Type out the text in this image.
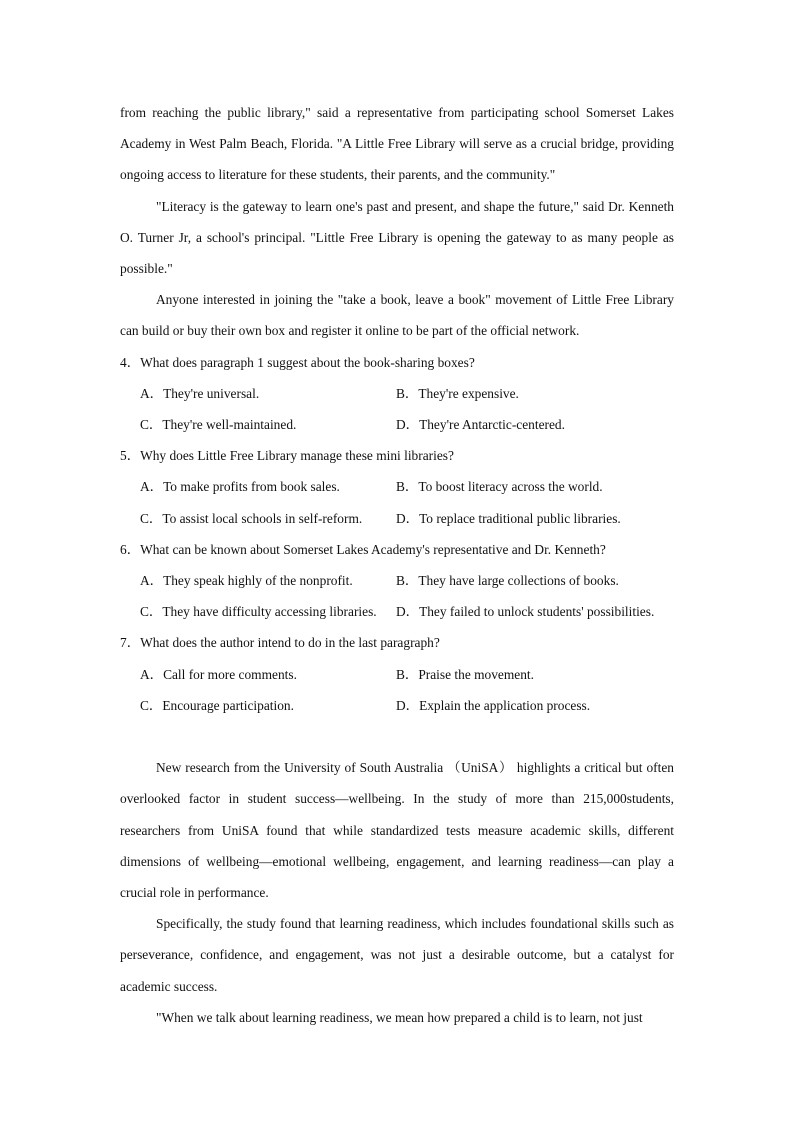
from reaching the public library," said a representative from participating school Somerset Lakes Academy in West Palm Beach, Florida. "A Little Free Library will serve as a crucial bridge, providing ongoing access to literature for these students, their parents, and the community."

"Literacy is the gateway to learn one's past and present, and shape the future," said Dr. Kenneth O. Turner Jr, a school's principal. "Little Free Library is opening the gateway to as many people as possible."

Anyone interested in joining the "take a book, leave a book" movement of Little Free Library can build or buy their own box and register it online to be part of the official network.

4．What does paragraph 1 suggest about the book-sharing boxes?

A．They're universal.	B．They're expensive.
C．They're well-maintained.	D．They're Antarctic-centered.

5．Why does Little Free Library manage these mini libraries?

A．To make profits from book sales.	B．To boost literacy across the world.
C．To assist local schools in self-reform.	D．To replace traditional public libraries.

6．What can be known about Somerset Lakes Academy's representative and Dr. Kenneth?

A．They speak highly of the nonprofit.	B．They have large collections of books.
C．They have difficulty accessing libraries.	D．They failed to unlock students' possibilities.

7．What does the author intend to do in the last paragraph?

A．Call for more comments.	B．Praise the movement.
C．Encourage participation.	D．Explain the application process.

New research from the University of South Australia （UniSA） highlights a critical but often overlooked factor in student success—wellbeing. In the study of more than 215,000students, researchers from UniSA found that while standardized tests measure academic skills, different dimensions of wellbeing—emotional wellbeing, engagement, and learning readiness—can play a crucial role in performance.

Specifically, the study found that learning readiness, which includes foundational skills such as perseverance, confidence, and engagement, was not just a desirable outcome, but a catalyst for academic success.

"When we talk about learning readiness, we mean how prepared a child is to learn, not just
